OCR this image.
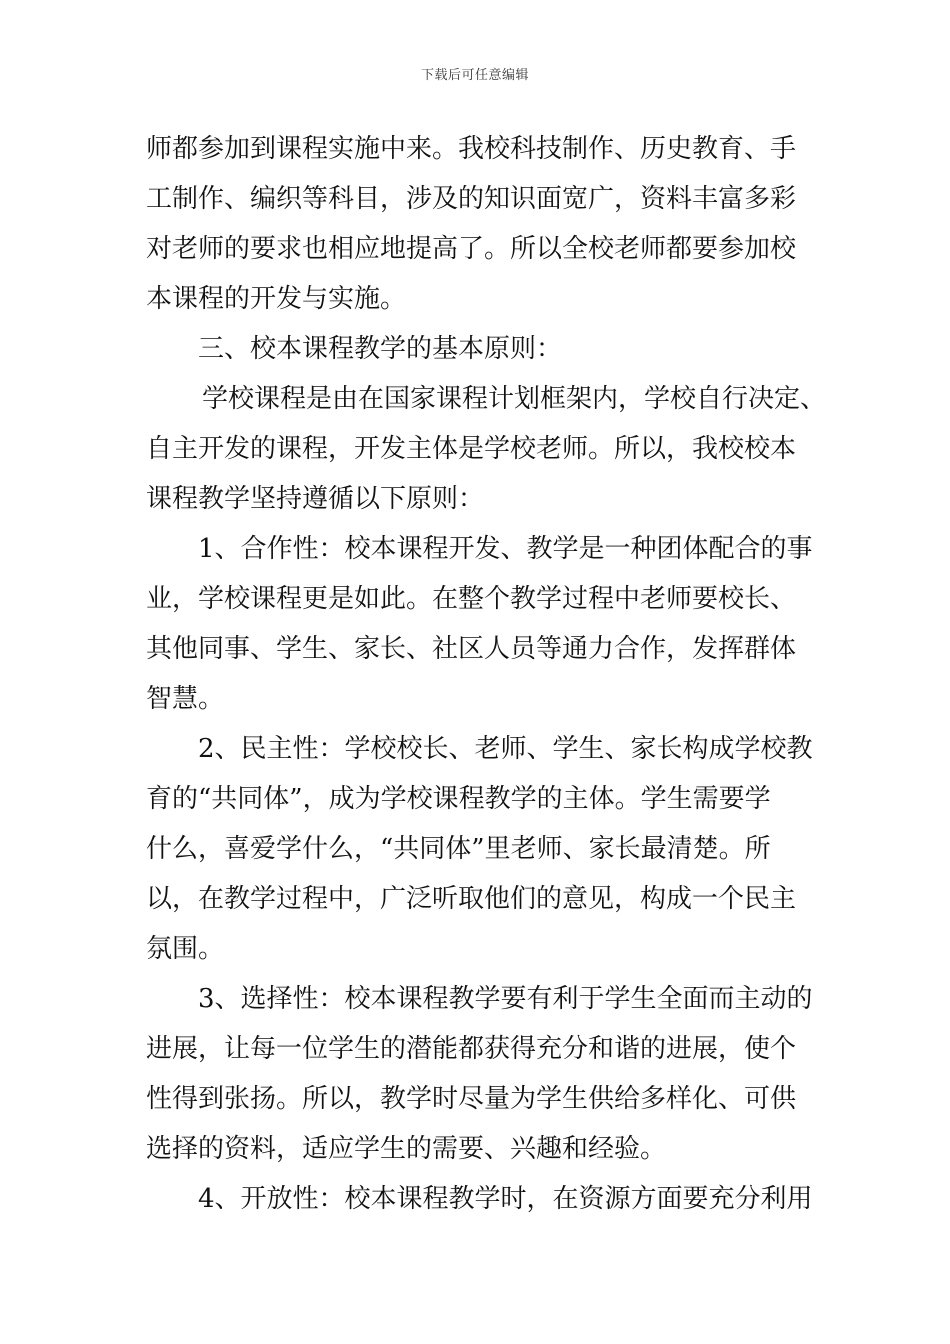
下载后可任意编辑
师都参加到课程实施中来。我校科技制作、历史教育、手
工制作、编织等科目，涉及的知识面宽广，资料丰富多彩
对老师的要求也相应地提高了。所以全校老师都要参加校
本课程的开发与实施。
三、校本课程教学的基本原则：
学校课程是由在国家课程计划框架内，学校自行决定、
自主开发的课程，开发主体是学校老师。所以，我校校本
课程教学坚持遵循以下原则：
1、合作性：校本课程开发、教学是一种团体配合的事
业，学校课程更是如此。在整个教学过程中老师要校长、
其他同事、学生、家长、社区人员等通力合作，发挥群体
智慧。
2、民主性：学校校长、老师、学生、家长构成学校教
育的“共同体”，成为学校课程教学的主体。学生需要学
什么，喜爱学什么，“共同体”里老师、家长最清楚。所
以，在教学过程中，广泛听取他们的意见，构成一个民主
氛围。
3、选择性：校本课程教学要有利于学生全面而主动的
进展，让每一位学生的潜能都获得充分和谐的进展，使个
性得到张扬。所以，教学时尽量为学生供给多样化、可供
选择的资料，适应学生的需要、兴趣和经验。
4、开放性：校本课程教学时，在资源方面要充分利用
